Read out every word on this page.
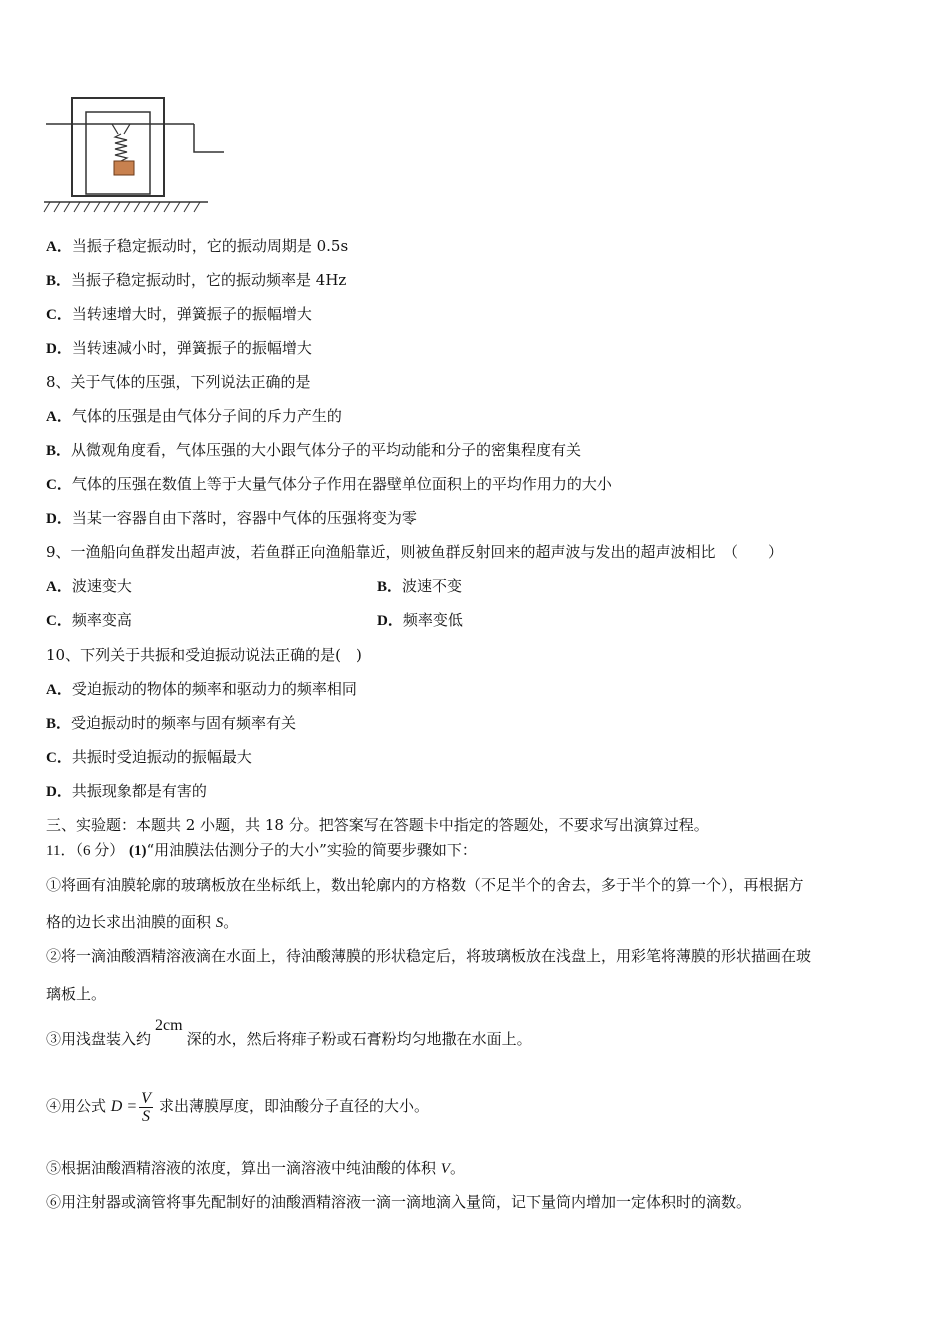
A．当振子稳定振动时，它的振动周期是 0.5s
B．当振子稳定振动时，它的振动频率是 4Hz
C．当转速增大时，弹簧振子的振幅增大
D．当转速减小时，弹簧振子的振幅增大
8、关于气体的压强，下列说法正确的是
A．气体的压强是由气体分子间的斥力产生的
B．从微观角度看，气体压强的大小跟气体分子的平均动能和分子的密集程度有关
C．气体的压强在数值上等于大量气体分子作用在器壁单位面积上的平均作用力的大小
D．当某一容器自由下落时，容器中气体的压强将变为零
9、一渔船向鱼群发出超声波，若鱼群正向渔船靠近，则被鱼群反射回来的超声波与发出的超声波相比　（　　）
A．波速变大	B．波速不变
C．频率变高	D．频率变低
10、下列关于共振和受迫振动说法正确的是(　)
A．受迫振动的物体的频率和驱动力的频率相同
B．受迫振动时的频率与固有频率有关
C．共振时受迫振动的振幅最大
D．共振现象都是有害的
三、实验题：本题共 2 小题，共 18 分。把答案写在答题卡中指定的答题处，不要求写出演算过程。
11．（6 分） (1)“用油膜法估测分子的大小”实验的简要步骤如下：
①将画有油膜轮廓的玻璃板放在坐标纸上，数出轮廓内的方格数（不足半个的舍去，多于半个的算一个），再根据方
格的边长求出油膜的面积 S。
②将一滴油酸酒精溶液滴在水面上，待油酸薄膜的形状稳定后，将玻璃板放在浅盘上，用彩笔将薄膜的形状描画在玻
璃板上。
③用浅盘装入约2cm深的水，然后将痱子粉或石膏粉均匀地撒在水面上。
④用公式 $D = \frac{V}{S}$ 求出薄膜厚度，即油酸分子直径的大小。
⑤根据油酸酒精溶液的浓度，算出一滴溶液中纯油酸的体积 V。
⑥用注射器或滴管将事先配制好的油酸酒精溶液一滴一滴地滴入量筒，记下量筒内增加一定体积时的滴数。
